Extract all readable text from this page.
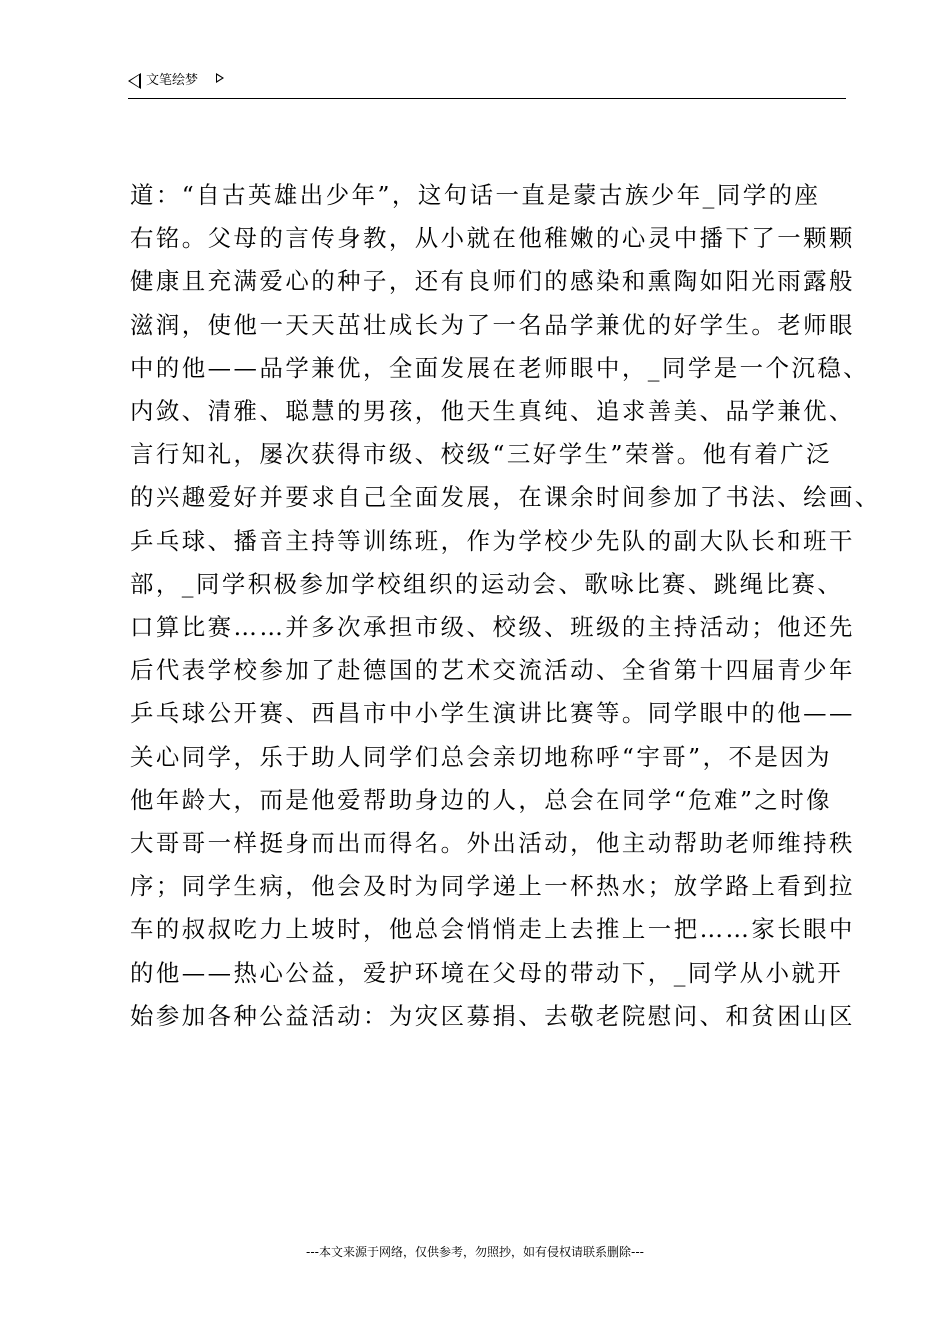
文笔绘梦

道：“自古英雄出少年”，这句话一直是蒙古族少年_同学的座
右铭。父母的言传身教，从小就在他稚嫩的心灵中播下了一颗颗
健康且充满爱心的种子，还有良师们的感染和熏陶如阳光雨露般
滋润，使他一天天茁壮成长为了一名品学兼优的好学生。老师眼
中的他——品学兼优，全面发展在老师眼中，_同学是一个沉稳、
内敛、清雅、聪慧的男孩，他天生真纯、追求善美、品学兼优、
言行知礼，屡次获得市级、校级“三好学生”荣誉。他有着广泛
的兴趣爱好并要求自己全面发展，在课余时间参加了书法、绘画、
乒乓球、播音主持等训练班，作为学校少先队的副大队长和班干
部，_同学积极参加学校组织的运动会、歌咏比赛、跳绳比赛、
口算比赛……并多次承担市级、校级、班级的主持活动；他还先
后代表学校参加了赴德国的艺术交流活动、全省第十四届青少年
乒乓球公开赛、西昌市中小学生演讲比赛等。同学眼中的他——
关心同学，乐于助人同学们总会亲切地称呼“宇哥”，不是因为
他年龄大，而是他爱帮助身边的人，总会在同学“危难”之时像
大哥哥一样挺身而出而得名。外出活动，他主动帮助老师维持秩
序；同学生病，他会及时为同学递上一杯热水；放学路上看到拉
车的叔叔吃力上坡时，他总会悄悄走上去推上一把……家长眼中
的他——热心公益，爱护环境在父母的带动下，_同学从小就开
始参加各种公益活动：为灾区募捐、去敬老院慰问、和贫困山区

---本文来源于网络，仅供参考，勿照抄，如有侵权请联系删除---
